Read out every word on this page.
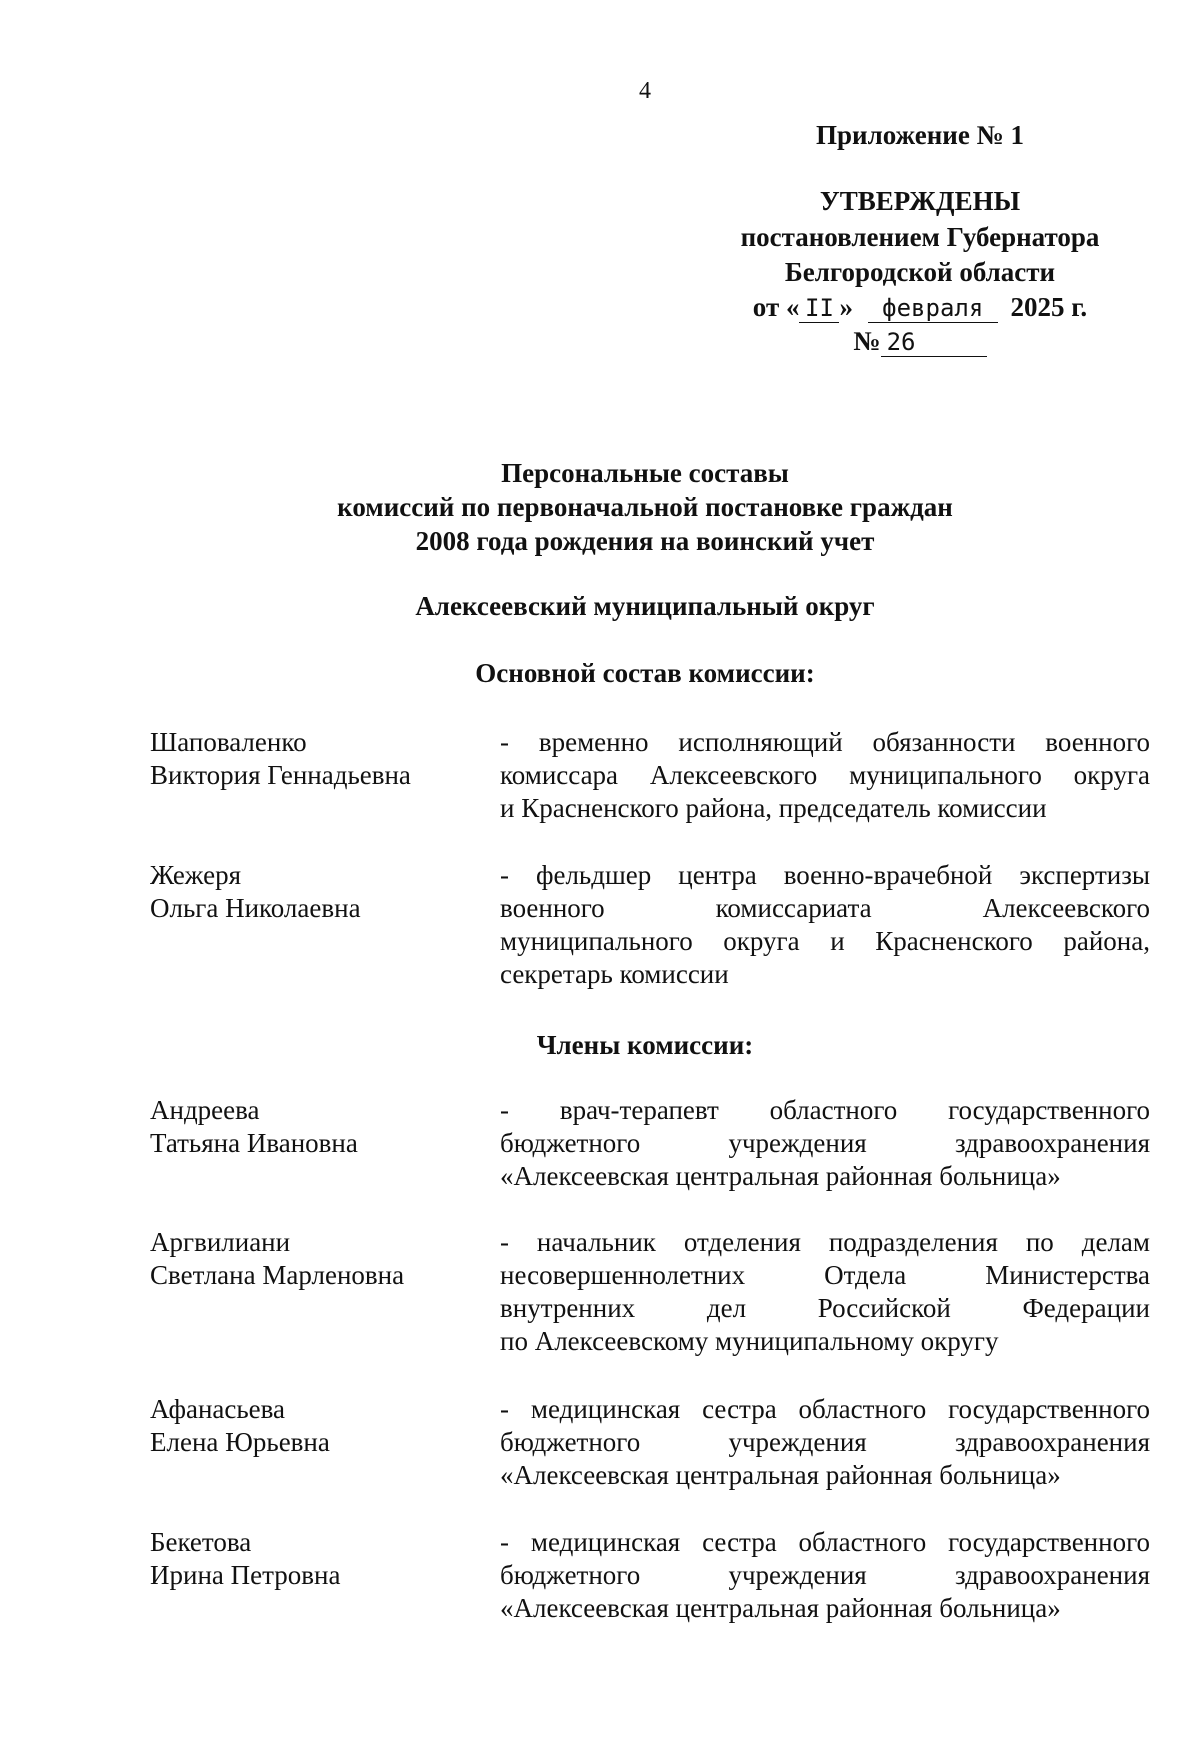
4
Приложение № 1
УТВЕРЖДЕНЫ
постановлением Губернатора
Белгородской области
от « II » февраля 2025 г.
№ 26
Персональные составы
комиссий по первоначальной постановке граждан
2008 года рождения на воинский учет
Алексеевский муниципальный округ
Основной состав комиссии:
Шаповаленко
Виктория Геннадьевна
- временно исполняющий обязанности военного
комиссара Алексеевского муниципального округа
и Красненского района, председатель комиссии
Жежеря
Ольга Николаевна
- фельдшер центра военно-врачебной экспертизы
военного комиссариата Алексеевского
муниципального округа и Красненского района,
секретарь комиссии
Члены комиссии:
Андреева
Татьяна Ивановна
- врач-терапевт областного государственного
бюджетного учреждения здравоохранения
«Алексеевская центральная районная больница»
Аргвилиани
Светлана Марленовна
- начальник отделения подразделения по делам
несовершеннолетних Отдела Министерства
внутренних дел Российской Федерации
по Алексеевскому муниципальному округу
Афанасьева
Елена Юрьевна
- медицинская сестра областного государственного
бюджетного учреждения здравоохранения
«Алексеевская центральная районная больница»
Бекетова
Ирина Петровна
- медицинская сестра областного государственного
бюджетного учреждения здравоохранения
«Алексеевская центральная районная больница»
